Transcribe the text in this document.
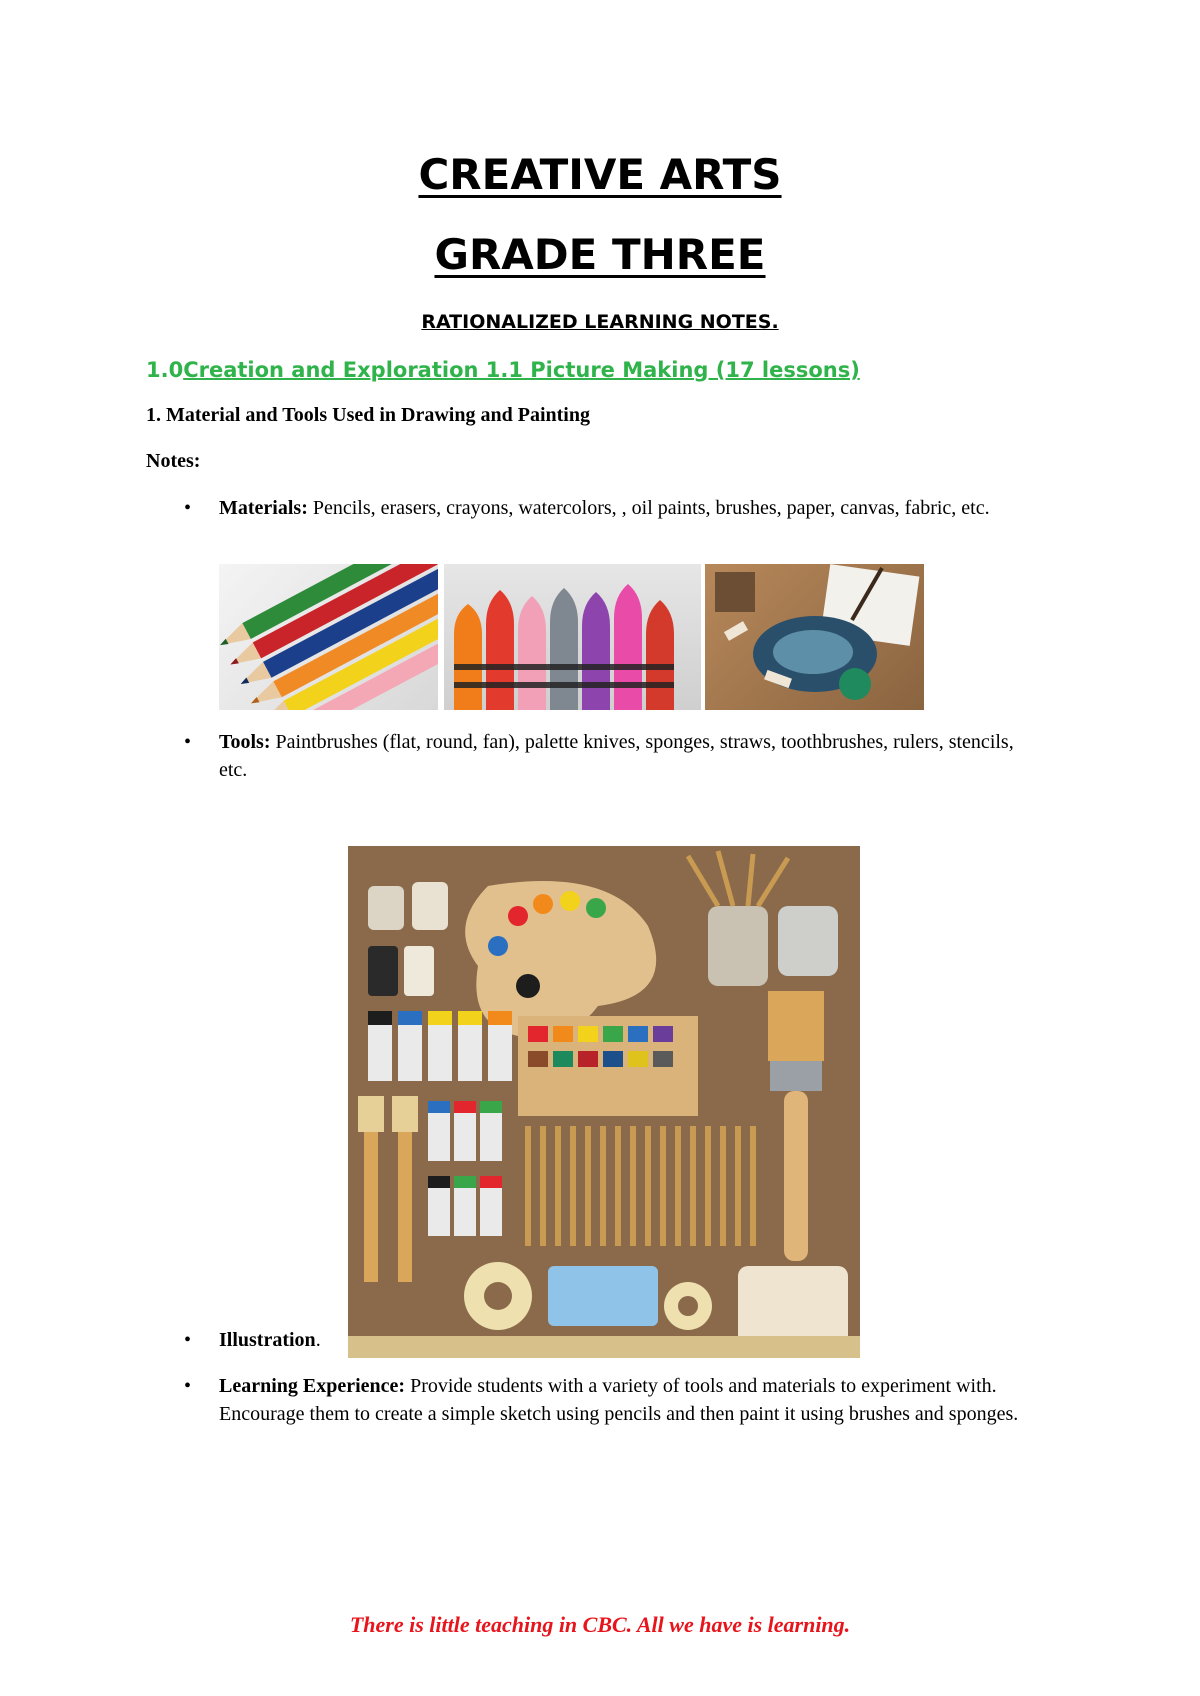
CREATIVE ARTS
GRADE THREE
RATIONALIZED LEARNING NOTES.
1.0Creation and Exploration 1.1 Picture Making (17 lessons)
1. Material and Tools Used in Drawing and Painting
Notes:
• Materials: Pencils, erasers, crayons, watercolors, , oil paints, brushes, paper, canvas, fabric, etc.
• Tools: Paintbrushes (flat, round, fan), palette knives, sponges, straws, toothbrushes, rulers, stencils, etc.
• Illustration.
• Learning Experience: Provide students with a variety of tools and materials to experiment with. Encourage them to create a simple sketch using pencils and then paint it using brushes and sponges.
There is little teaching in CBC. All we have is learning.
